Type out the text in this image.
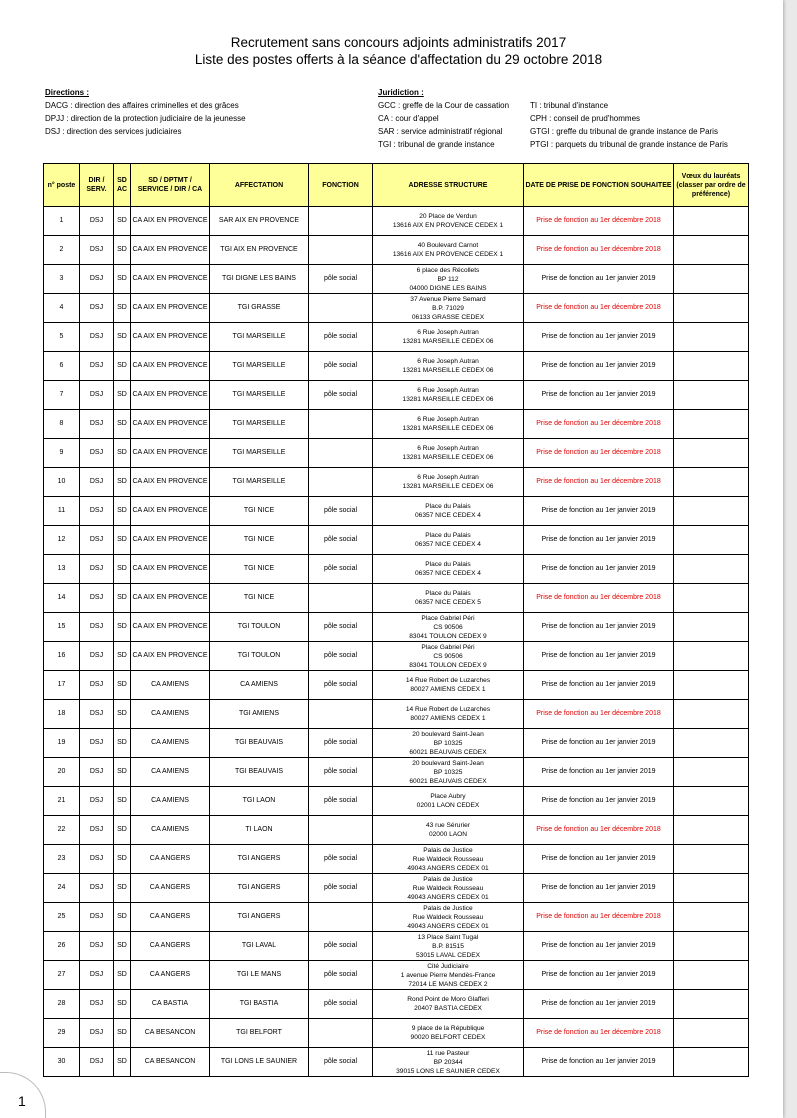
Recrutement sans concours adjoints administratifs 2017
Liste des postes offerts à la séance d'affectation du 29 octobre 2018
Directions :
DACG : direction des affaires criminelles et des grâces
DPJJ : direction de la protection judiciaire de la jeunesse
DSJ : direction des services judiciaires
Juridiction :
GCC : greffe de la Cour de cassation
CA : cour d'appel
SAR : service administratif régional
TGI : tribunal de grande instance
TI : tribunal d'instance
CPH : conseil de prud'hommes
GTGI : greffe du tribunal de grande instance de Paris
PTGI : parquets du tribunal de grande instance de Paris
n° poste	DIR / SERV.	SD AC	SD / DPTMT / SERVICE / DIR / CA	AFFECTATION	FONCTION	ADRESSE STRUCTURE	DATE DE PRISE DE FONCTION SOUHAITEE	Vœux du lauréats (classer par ordre de préférence)
1	DSJ	SD	CA AIX EN PROVENCE	SAR AIX EN PROVENCE		20 Place de Verdun
13616 AIX EN PROVENCE CEDEX 1	Prise de fonction au 1er décembre 2018	
2	DSJ	SD	CA AIX EN PROVENCE	TGI AIX EN PROVENCE		40 Boulevard Carnot
13616 AIX EN PROVENCE CEDEX 1	Prise de fonction au 1er décembre 2018	
3	DSJ	SD	CA AIX EN PROVENCE	TGI DIGNE LES BAINS	pôle social	6 place des Récollets
BP 112
04000 DIGNE LES BAINS	Prise de fonction au 1er janvier 2019	
4	DSJ	SD	CA AIX EN PROVENCE	TGI GRASSE		37 Avenue Pierre Semard
B.P. 71029
06133 GRASSE CEDEX	Prise de fonction au 1er décembre 2018	
5	DSJ	SD	CA AIX EN PROVENCE	TGI MARSEILLE	pôle social	6 Rue Joseph Autran
13281 MARSEILLE CEDEX 06	Prise de fonction au 1er janvier 2019	
6	DSJ	SD	CA AIX EN PROVENCE	TGI MARSEILLE	pôle social	6 Rue Joseph Autran
13281 MARSEILLE CEDEX 06	Prise de fonction au 1er janvier 2019	
7	DSJ	SD	CA AIX EN PROVENCE	TGI MARSEILLE	pôle social	6 Rue Joseph Autran
13281 MARSEILLE CEDEX 06	Prise de fonction au 1er janvier 2019	
8	DSJ	SD	CA AIX EN PROVENCE	TGI MARSEILLE		6 Rue Joseph Autran
13281 MARSEILLE CEDEX 06	Prise de fonction au 1er décembre 2018	
9	DSJ	SD	CA AIX EN PROVENCE	TGI MARSEILLE		6 Rue Joseph Autran
13281 MARSEILLE CEDEX 06	Prise de fonction au 1er décembre 2018	
10	DSJ	SD	CA AIX EN PROVENCE	TGI MARSEILLE		6 Rue Joseph Autran
13281 MARSEILLE CEDEX 06	Prise de fonction au 1er décembre 2018	
11	DSJ	SD	CA AIX EN PROVENCE	TGI NICE	pôle social	Place du Palais
06357 NICE CEDEX 4	Prise de fonction au 1er janvier 2019	
12	DSJ	SD	CA AIX EN PROVENCE	TGI NICE	pôle social	Place du Palais
06357 NICE CEDEX 4	Prise de fonction au 1er janvier 2019	
13	DSJ	SD	CA AIX EN PROVENCE	TGI NICE	pôle social	Place du Palais
06357 NICE CEDEX 4	Prise de fonction au 1er janvier 2019	
14	DSJ	SD	CA AIX EN PROVENCE	TGI NICE		Place du Palais
06357 NICE CEDEX 5	Prise de fonction au 1er décembre 2018	
15	DSJ	SD	CA AIX EN PROVENCE	TGI TOULON	pôle social	Place Gabriel Péri
CS 90506
83041 TOULON CEDEX 9	Prise de fonction au 1er janvier 2019	
16	DSJ	SD	CA AIX EN PROVENCE	TGI TOULON	pôle social	Place Gabriel Péri
CS 90506
83041 TOULON CEDEX 9	Prise de fonction au 1er janvier 2019	
17	DSJ	SD	CA AMIENS	CA AMIENS	pôle social	14 Rue Robert de Luzarches
80027 AMIENS CEDEX 1	Prise de fonction au 1er janvier 2019	
18	DSJ	SD	CA AMIENS	TGI AMIENS		14 Rue Robert de Luzarches
80027 AMIENS CEDEX 1	Prise de fonction au 1er décembre 2018	
19	DSJ	SD	CA AMIENS	TGI BEAUVAIS	pôle social	20 boulevard Saint-Jean
BP 10325
60021 BEAUVAIS CEDEX	Prise de fonction au 1er janvier 2019	
20	DSJ	SD	CA AMIENS	TGI BEAUVAIS	pôle social	20 boulevard Saint-Jean
BP 10325
60021 BEAUVAIS CEDEX	Prise de fonction au 1er janvier 2019	
21	DSJ	SD	CA AMIENS	TGI LAON	pôle social	Place Aubry
02001 LAON CEDEX	Prise de fonction au 1er janvier 2019	
22	DSJ	SD	CA AMIENS	TI LAON		43 rue Sérurier
02000 LAON	Prise de fonction au 1er décembre 2018	
23	DSJ	SD	CA ANGERS	TGI ANGERS	pôle social	Palais de Justice
Rue Waldeck Rousseau
49043 ANGERS CEDEX 01	Prise de fonction au 1er janvier 2019	
24	DSJ	SD	CA ANGERS	TGI ANGERS	pôle social	Palais de Justice
Rue Waldeck Rousseau
49043 ANGERS CEDEX 01	Prise de fonction au 1er janvier 2019	
25	DSJ	SD	CA ANGERS	TGI ANGERS		Palais de Justice
Rue Waldeck Rousseau
49043 ANGERS CEDEX 01	Prise de fonction au 1er décembre 2018	
26	DSJ	SD	CA ANGERS	TGI LAVAL	pôle social	13 Place Saint Tugal
B.P. 81515
53015 LAVAL CEDEX	Prise de fonction au 1er janvier 2019	
27	DSJ	SD	CA ANGERS	TGI LE MANS	pôle social	Cité Judiciaire
1 avenue Pierre Mendès-France
72014 LE MANS CEDEX 2	Prise de fonction au 1er janvier 2019	
28	DSJ	SD	CA BASTIA	TGI BASTIA	pôle social	Rond Point de Moro Glafferi
20407 BASTIA CEDEX	Prise de fonction au 1er janvier 2019	
29	DSJ	SD	CA BESANCON	TGI BELFORT		9 place de la République
90020 BELFORT CEDEX	Prise de fonction au 1er décembre 2018	
30	DSJ	SD	CA BESANCON	TGI LONS LE SAUNIER	pôle social	11 rue Pasteur
BP 20344
39015 LONS LE SAUNIER CEDEX	Prise de fonction au 1er janvier 2019	
1
